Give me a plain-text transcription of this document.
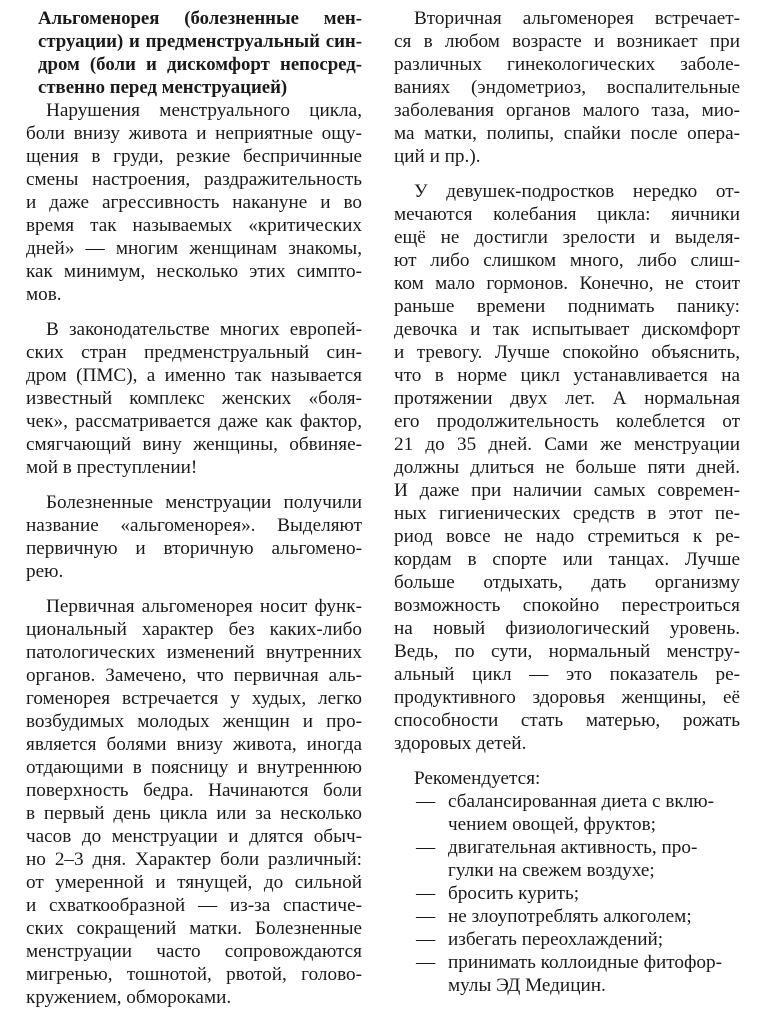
Альгоменорея (болезненные мен-
струации) и предменструальный син-
дром (боли и дискомфорт непосред-
ственно перед менструацией)
Нарушения менструального цикла,
боли внизу живота и неприятные ощу-
щения в груди, резкие беспричинные
смены настроения, раздражительность
и даже агрессивность накануне и во
время так называемых «критических
дней» — многим женщинам знакомы,
как минимум, несколько этих симпто-
мов.
В законодательстве многих европей-
ских стран предменструальный син-
дром (ПМС), а именно так называется
известный комплекс женских «боля-
чек», рассматривается даже как фактор,
смягчающий вину женщины, обвиняе-
мой в преступлении!
Болезненные менструации получили
название «альгоменорея». Выделяют
первичную и вторичную альгомено-
рею.
Первичная альгоменорея носит функ-
циональный характер без каких-либо
патологических изменений внутренних
органов. Замечено, что первичная аль-
гоменорея встречается у худых, легко
возбудимых молодых женщин и про-
является болями внизу живота, иногда
отдающими в поясницу и внутреннюю
поверхность бедра. Начинаются боли
в первый день цикла или за несколько
часов до менструации и длятся обыч-
но 2–3 дня. Характер боли различный:
от умеренной и тянущей, до сильной
и схваткообразной — из-за спастиче-
ских сокращений матки. Болезненные
менструации часто сопровождаются
мигренью, тошнотой, рвотой, голово-
кружением, обмороками.
Вторичная альгоменорея встречает-
ся в любом возрасте и возникает при
различных гинекологических заболе-
ваниях (эндометриоз, воспалительные
заболевания органов малого таза, мио-
ма матки, полипы, спайки после опера-
ций и пр.).
У девушек-подростков нередко от-
мечаются колебания цикла: яичники
ещё не достигли зрелости и выделя-
ют либо слишком много, либо слиш-
ком мало гормонов. Конечно, не стоит
раньше времени поднимать панику:
девочка и так испытывает дискомфорт
и тревогу. Лучше спокойно объяснить,
что в норме цикл устанавливается на
протяжении двух лет. А нормальная
его продолжительность колеблется от
21 до 35 дней. Сами же менструации
должны длиться не больше пяти дней.
И даже при наличии самых современ-
ных гигиенических средств в этот пе-
риод вовсе не надо стремиться к ре-
кордам в спорте или танцах. Лучше
больше отдыхать, дать организму
возможность спокойно перестроиться
на новый физиологический уровень.
Ведь, по сути, нормальный менстру-
альный цикл — это показатель ре-
продуктивного здоровья женщины, её
способности стать матерью, рожать
здоровых детей.
Рекомендуется:
— сбалансированная диета с вклю-
чением овощей, фруктов;
— двигательная активность, про-
гулки на свежем воздухе;
— бросить курить;
— не злоупотреблять алкоголем;
— избегать переохлаждений;
— принимать коллоидные фитофор-
мулы ЭД Медицин.
